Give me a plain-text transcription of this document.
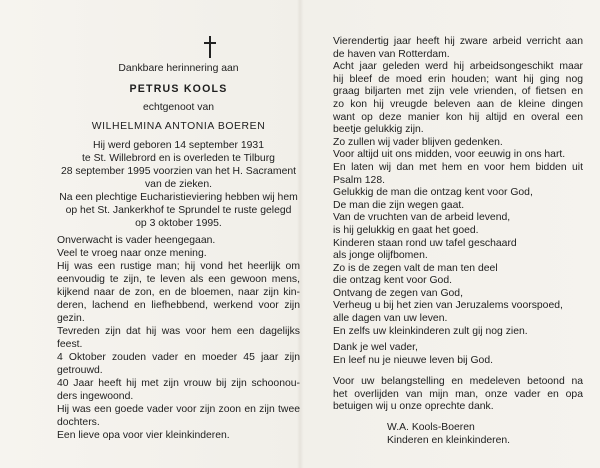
Dankbare herinnering aan
PETRUS KOOLS
echtgenoot van
WILHELMINA ANTONIA BOEREN
Hij werd geboren 14 september 1931
te St. Willebrord en is overleden te Tilburg
28 september 1995 voorzien van het H. Sacrament
van de zieken.
Na een plechtige Eucharistieviering hebben wij hem
op het St. Jankerkhof te Sprundel te ruste gelegd
op 3 oktober 1995.
Onverwacht is vader heengegaan.
Veel te vroeg naar onze mening.
Hij was een rustige man; hij vond het heerlijk om
eenvoudig te zijn, te leven als een gewoon mens,
kijkend naar de zon, en de bloemen, naar zijn kin-
deren, lachend en liefhebbend, werkend voor zijn
gezin.
Tevreden zijn dat hij was voor hem een dagelijks
feest.
4 Oktober zouden vader en moeder 45 jaar zijn
getrouwd.
40 Jaar heeft hij met zijn vrouw bij zijn schoonou-
ders ingewoond.
Hij was een goede vader voor zijn zoon en zijn twee
dochters.
Een lieve opa voor vier kleinkinderen.
Vierendertig jaar heeft hij zware arbeid verricht aan
de haven van Rotterdam.
Acht jaar geleden werd hij arbeidsongeschikt maar
hij bleef de moed erin houden; want hij ging nog
graag biljarten met zijn vele vrienden, of fietsen en
zo kon hij vreugde beleven aan de kleine dingen
want op deze manier kon hij altijd en overal een
beetje gelukkig zijn.
Zo zullen wij vader blijven gedenken.
Voor altijd uit ons midden, voor eeuwig in ons hart.
En laten wij dan met hem en voor hem bidden uit
Psalm 128.
Gelukkig de man die ontzag kent voor God,
De man die zijn wegen gaat.
Van de vruchten van de arbeid levend,
is hij gelukkig en gaat het goed.
Kinderen staan rond uw tafel geschaard
als jonge olijfbomen.
Zo is de zegen valt de man ten deel
die ontzag kent voor God.
Ontvang de zegen van God,
Verheug u bij het zien van Jeruzalems voorspoed,
alle dagen van uw leven.
En zelfs uw kleinkinderen zult gij nog zien.
Dank je wel vader,
En leef nu je nieuwe leven bij God.
Voor uw belangstelling en medeleven betoond na
het overlijden van mijn man, onze vader en opa
betuigen wij u onze oprechte dank.
W.A. Kools-Boeren
Kinderen en kleinkinderen.
